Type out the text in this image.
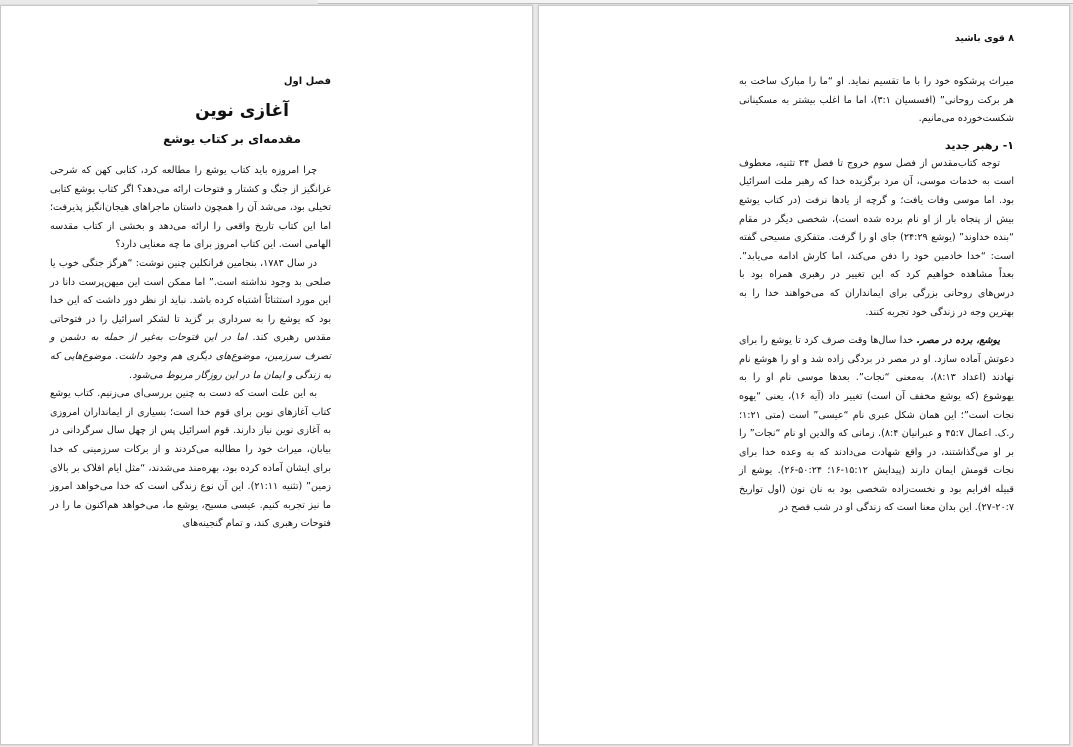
فصل اول
آغازی نوین
مقدمه‌ای بر کتاب یوشع

چرا امروزه باید کتاب یوشع را مطالعه کرد، کتابی کهن که شرحی غرانگیز از جنگ و کشتار و فتوحات ارائه می‌دهد؟ اگر کتاب یوشع کتابی تخیلی بود، می‌شد آن را همچون داستان ماجراهای هیجان‌انگیز پذیرفت؛ اما این کتاب تاریخ واقعی را ارائه می‌دهد و بخشی از کتاب مقدسه الهامی است. این کتاب امروز برای ما چه معنایی دارد؟

در سال ۱۷۸۳، بنجامین فرانکلین چنین نوشت: “هرگز جنگی خوب یا صلحی بد وجود نداشته است.” اما ممکن است این میهن‌پرست دانا در این مورد استثنائاً اشتباه کرده باشد. نباید از نظر دور داشت که این خدا بود که یوشع را به سرداری بر گزید تا لشکر اسرائیل را در فتوحاتی مقدس رهبری کند. اما در این فتوحات به‌غیر از حمله به دشمن و تصرف سرزمین، موضوع‌های دیگری هم وجود داشت. موضوع‌هایی که به زندگی و ایمان ما در این روزگار مربوط می‌شود.

به این علت است که دست به چنین بررسی‌ای می‌زنیم. کتاب یوشع کتاب آغازهای نوین برای قوم خدا است؛ بسیاری از ایمانداران امروزی به آغازی نوین نیاز دارند. قوم اسرائیل پس از چهل سال سرگردانی در بیابان، میراث خود را مطالبه می‌کردند و از برکات سرزمینی که خدا برای ایشان آماده کرده بود، بهره‌مند می‌شدند، “مثل ایام افلاک بر بالای زمین” (تثنیه ۲۱:۱۱). این آن نوع زندگی است که خدا می‌خواهد امروز ما نیز تجربه کنیم. عیسی مسیح، یوشع ما، می‌خواهد هم‌اکنون ما را در فتوحات رهبری کند، و تمام گنجینه‌های

۸ قوی باشید

میراث پرشکوه خود را با ما تقسیم نماید. او “ما را مبارک ساخت به هر برکت روحانی” (افسسیان ۳:۱)، اما ما اغلب بیشتر به مسکینانی شکست‌خورده می‌مانیم.

۱- رهبر جدید

توجه کتاب‌مقدس از فصل سوم خروج تا فصل ۳۴ تثنیه، معطوف است به خدمات موسی، آن مرد برگزیده خدا که رهبر ملت اسرائیل بود. اما موسی وفات یافت؛ و گرچه از یادها نرفت (در کتاب یوشع بیش از پنجاه بار از او نام برده شده است)، شخصی دیگر در مقام “بنده خداوند” (یوشع ۲۴:۲۹) جای او را گرفت. متفکری مسیحی گفته است: “خدا خادمین خود را دفن می‌کند، اما کارش ادامه می‌یابد”. بعداً مشاهده خواهیم کرد که این تغییر در رهبری همراه بود با درس‌های روحانی بزرگی برای ایمانداران که می‌خواهند خدا را به بهترین وجه در زندگی خود تجربه کنند.

یوشع، برده در مصر. خدا سال‌ها وقت صرف کرد تا یوشع را برای دعوتش آماده سازد. او در مصر در بردگی زاده شد و او را هوشع نام نهادند (اعداد ۸:۱۳)، به‌معنی “نجات”. بعدها موسی نام او را به یهوشوع (که یوشع مخفف آن است) تغییر داد (آیه ۱۶)، یعنی “یهوه نجات است”؛ این همان شکل عبری نام “عیسی” است (متی ۱:۲۱؛ ر.ک. اعمال ۴۵:۷ و عبرانیان ۸:۴). زمانی که والدین او نام “نجات” را بر او می‌گذاشتند، در واقع شهادت می‌دادند که به وعده خدا برای نجات قومش ایمان دارند (پیدایش ۱۵:۱۲-۱۶؛ ۵۰:۲۴-۲۶). یوشع از قبیله افرایم بود و نخست‌زاده شخصی بود به نان نون (اول تواریخ ۲۰:۷-۲۷). این بدان معنا است که زندگی او در شب فصح در
